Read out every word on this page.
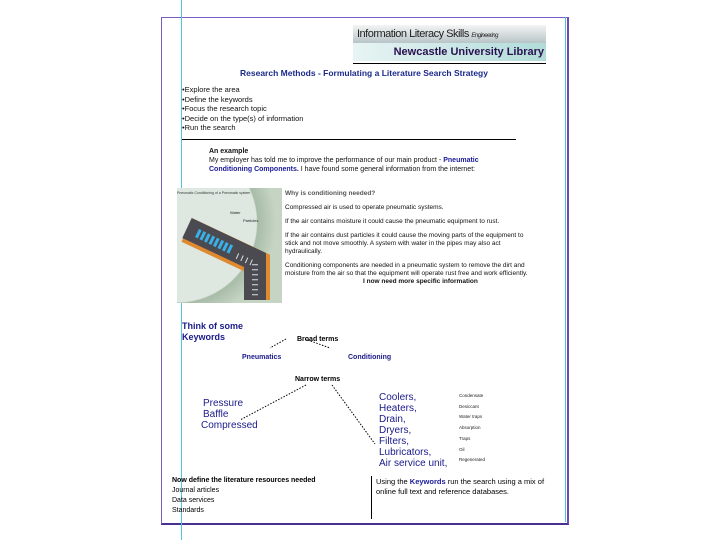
Information Literacy Skills Engineering
Newcastle University Library
Research Methods - Formulating a Literature Search Strategy
•Explore the area
•Define the keywords
•Focus the research topic
•Decide on the type(s) of information
•Run the search
An example
My employer has told me to improve the performance of our main product - Pneumatic Conditioning Components. I have found some general information from the internet:
Pneumatic Conditioning of a Pneumatic system
Water
Particles
Why is conditioning needed?
Compressed air is used to operate pneumatic systems.
If the air contains moisture it could cause the pneumatic equipment to rust.
If the air contains dust particles it could cause the moving parts of the equipment to stick and not move smoothly. A system with water in the pipes may also act hydraulically.
Conditioning components are needed in a pneumatic system to remove the dirt and moisture from the air so that the equipment will operate rust free and work efficiently.
I now need more specific information
Think of some
Keywords	Broad terms
Pneumatics	Conditioning
Narrow terms
Pressure
Baffle
Compressed
Coolers,
Heaters,
Drain,
Dryers,
Filters,
Lubricators,
Air service unit,
Condensate
Desiccant
Water traps
Absorption
Traps
Oil
Regenerated
Now define the literature resources needed
Journal articles
Data services
Standards
Using the Keywords run the search using a mix of online full text and reference databases.
